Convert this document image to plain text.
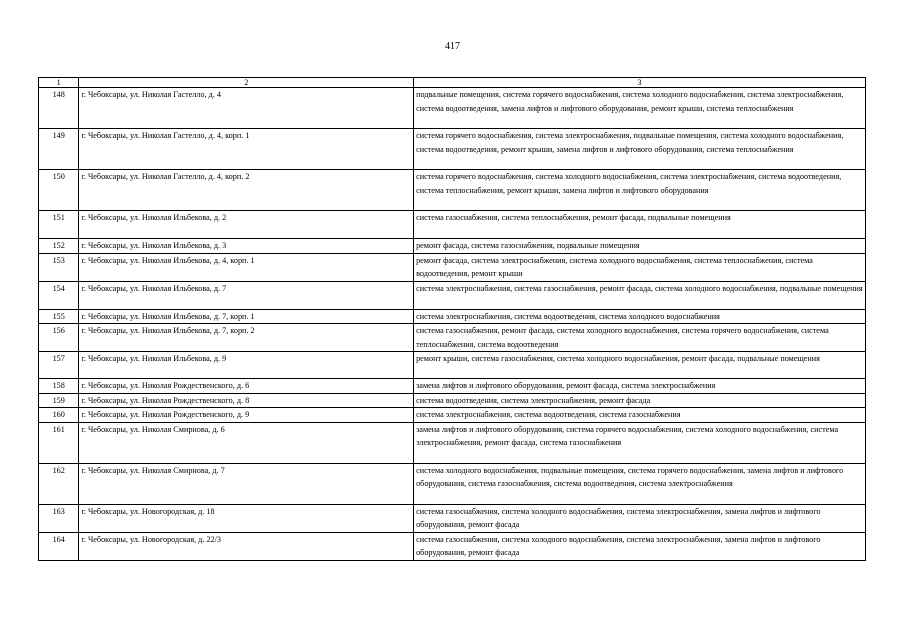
417
1	2	3
148	г. Чебоксары, ул. Николая Гастелло, д. 4	подвальные помещения, система горячего водоснабжения, система холодного водоснабжения, система электроснабжения, система водоотведения, замена лифтов и лифтового оборудования, ремонт крыши, система теплоснабжения
149	г. Чебоксары, ул. Николая Гастелло, д. 4, корп. 1	система горячего водоснабжения, система электроснабжения, подвальные помещения, система холодного водоснабжения, система водоотведения, ремонт крыши, замена лифтов и лифтового оборудования, система теплоснабжения
150	г. Чебоксары, ул. Николая Гастелло, д. 4, корп. 2	система горячего водоснабжения, система холодного водоснабжения, система электроснабжения, система водоотведения, система теплоснабжения, ремонт крыши, замена лифтов и лифтового оборудования
151	г. Чебоксары, ул. Николая Ильбекова, д. 2	система газоснабжения, система теплоснабжения, ремонт фасада, подвальные помещения
152	г. Чебоксары, ул. Николая Ильбекова, д. 3	ремонт фасада, система газоснабжения, подвальные помещения
153	г. Чебоксары, ул. Николая Ильбекова, д. 4, корп. 1	ремонт фасада, система электроснабжения, система холодного водоснабжения, система теплоснабжения, система водоотведения, ремонт крыши
154	г. Чебоксары, ул. Николая Ильбекова, д. 7	система электроснабжения, система газоснабжения, ремонт фасада, система холодного водоснабжения, подвальные помещения
155	г. Чебоксары, ул. Николая Ильбекова, д. 7, корп. 1	система электроснабжения, система водоотведения, система холодного водоснабжения
156	г. Чебоксары, ул. Николая Ильбекова, д. 7, корп. 2	система газоснабжения, ремонт фасада, система холодного водоснабжения, система горячего водоснабжения, система теплоснабжения, система водоотведения
157	г. Чебоксары, ул. Николая Ильбекова, д. 9	ремонт крыши, система газоснабжения, система холодного водоснабжения, ремонт фасада, подвальные помещения
158	г. Чебоксары, ул. Николая Рождественского, д. 6	замена лифтов и лифтового оборудования, ремонт фасада, система электроснабжения
159	г. Чебоксары, ул. Николая Рождественского, д. 8	система водоотведения, система электроснабжения, ремонт фасада
160	г. Чебоксары, ул. Николая Рождественского, д. 9	система электроснабжения, система водоотведения, система газоснабжения
161	г. Чебоксары, ул. Николая Смирнова, д. 6	замена лифтов и лифтового оборудования, система горячего водоснабжения, система холодного водоснабжения, система электроснабжения, ремонт фасада, система газоснабжения
162	г. Чебоксары, ул. Николая Смирнова, д. 7	система холодного водоснабжения, подвальные помещения, система горячего водоснабжения, замена лифтов и лифтового оборудования, система газоснабжения, система водоотведения, система электроснабжения
163	г. Чебоксары, ул. Новогородская, д. 18	система газоснабжения, система холодного водоснабжения, система электроснабжения, замена лифтов и лифтового оборудования, ремонт фасада
164	г. Чебоксары, ул. Новогородская, д. 22/3	система газоснабжения, система холодного водоснабжения, система электроснабжения, замена лифтов и лифтового оборудования, ремонт фасада
